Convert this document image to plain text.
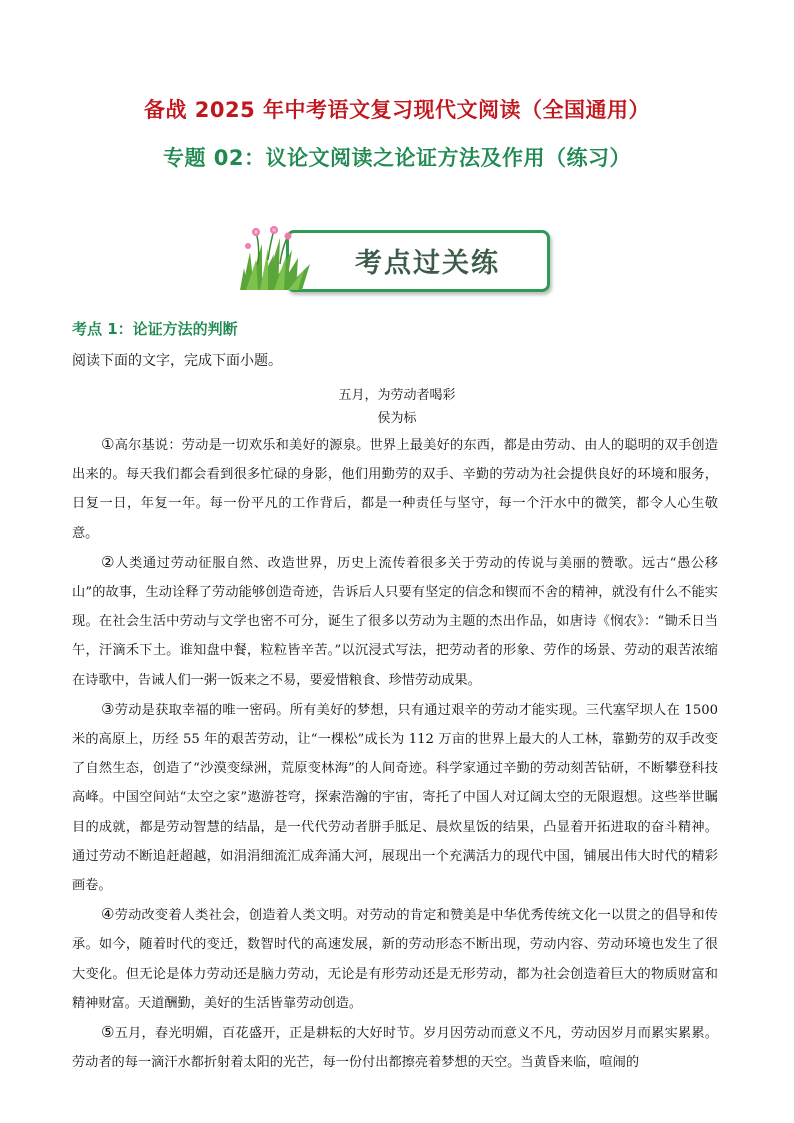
备战 2025 年中考语文复习现代文阅读（全国通用）
专题 02：议论文阅读之论证方法及作用（练习）
考点过关练
考点 1：论证方法的判断
阅读下面的文字，完成下面小题。
五月，为劳动者喝彩
侯为标

①高尔基说：劳动是一切欢乐和美好的源泉。世界上最美好的东西，都是由劳动、由人的聪明的双手创造出来的。每天我们都会看到很多忙碌的身影，他们用勤劳的双手、辛勤的劳动为社会提供良好的环境和服务，日复一日，年复一年。每一份平凡的工作背后，都是一种责任与坚守，每一个汗水中的微笑，都令人心生敬意。

②人类通过劳动征服自然、改造世界，历史上流传着很多关于劳动的传说与美丽的赞歌。远古“愚公移山”的故事，生动诠释了劳动能够创造奇迹，告诉后人只要有坚定的信念和锲而不舍的精神，就没有什么不能实现。在社会生活中劳动与文学也密不可分，诞生了很多以劳动为主题的杰出作品，如唐诗《悯农》：“锄禾日当午，汗滴禾下土。谁知盘中餐，粒粒皆辛苦。”以沉浸式写法，把劳动者的形象、劳作的场景、劳动的艰苦浓缩在诗歌中，告诫人们一粥一饭来之不易，要爱惜粮食、珍惜劳动成果。

③劳动是获取幸福的唯一密码。所有美好的梦想，只有通过艰辛的劳动才能实现。三代塞罕坝人在 1500 米的高原上，历经 55 年的艰苦劳动，让“一棵松”成长为 112 万亩的世界上最大的人工林，靠勤劳的双手改变了自然生态，创造了“沙漠变绿洲，荒原变林海”的人间奇迹。科学家通过辛勤的劳动刻苦钻研，不断攀登科技高峰。中国空间站“太空之家”遨游苍穹，探索浩瀚的宇宙，寄托了中国人对辽阔太空的无限遐想。这些举世瞩目的成就，都是劳动智慧的结晶，是一代代劳动者胼手胝足、晨炊星饭的结果，凸显着开拓进取的奋斗精神。通过劳动不断追赶超越，如涓涓细流汇成奔涌大河，展现出一个充满活力的现代中国，铺展出伟大时代的精彩画卷。

④劳动改变着人类社会，创造着人类文明。对劳动的肯定和赞美是中华优秀传统文化一以贯之的倡导和传承。如今，随着时代的变迁，数智时代的高速发展，新的劳动形态不断出现，劳动内容、劳动环境也发生了很大变化。但无论是体力劳动还是脑力劳动，无论是有形劳动还是无形劳动，都为社会创造着巨大的物质财富和精神财富。天道酬勤，美好的生活皆靠劳动创造。

⑤五月，春光明媚，百花盛开，正是耕耘的大好时节。岁月因劳动而意义不凡，劳动因岁月而累实累累。劳动者的每一滴汗水都折射着太阳的光芒，每一份付出都擦亮着梦想的天空。当黄昏来临，喧闹的
